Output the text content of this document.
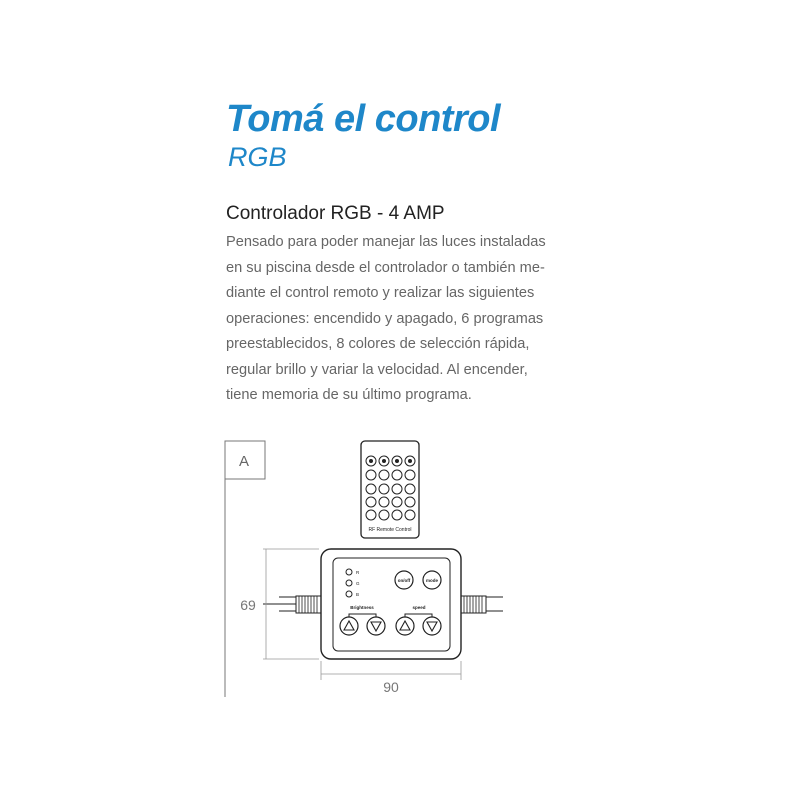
Tomá el control
RGB
Controlador RGB - 4 AMP

Pensado para poder manejar las luces instaladas
en su piscina desde el controlador o también me-
diante el control remoto y realizar las siguientes
operaciones: encendido y apagado, 6 programas
preestablecidos, 8 colores de selección rápida,
regular brillo y variar la velocidad. Al encender,
tiene memoria de su último programa.

A
RF Remote Control
R
G
B
on/off	mode
Brightness	speed
69
90
